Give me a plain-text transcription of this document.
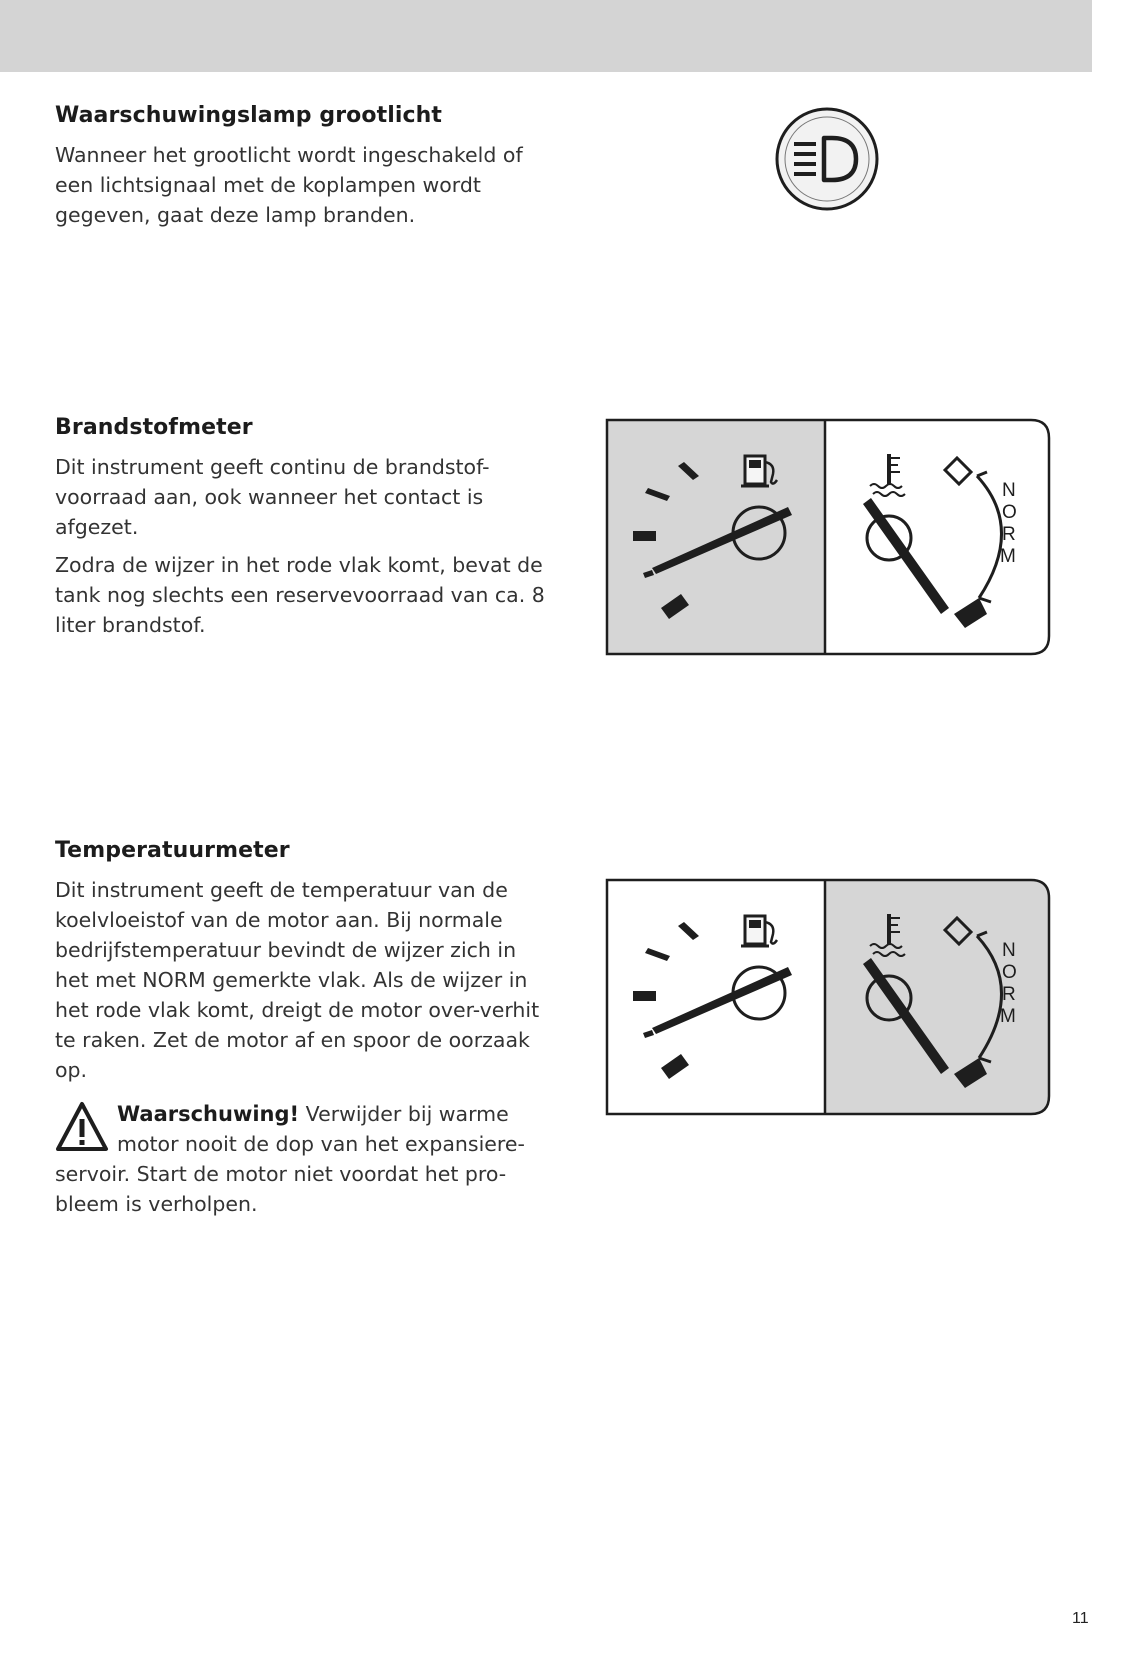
Waarschuwingslamp grootlicht

Wanneer het grootlicht wordt ingeschakeld of een lichtsignaal met de koplampen wordt gegeven, gaat deze lamp branden.

Brandstofmeter

Dit instrument geeft continu de brandstof-voorraad aan, ook wanneer het contact is afgezet.

Zodra de wijzer in het rode vlak komt, bevat de tank nog slechts een reservevoorraad van ca. 8 liter brandstof.

N
O
R
M
Temperatuurmeter

Dit instrument geeft de temperatuur van de koelvloeistof van de motor aan. Bij normale bedrijfstemperatuur bevindt de wijzer zich in het met NORM gemerkte vlak. Als de wijzer in het rode vlak komt, dreigt de motor over-verhit te raken. Zet de motor af en spoor de oorzaak op.

Waarschuwing! Verwijder bij warme motor nooit de dop van het expansiere-servoir. Start de motor niet voordat het pro-bleem is verholpen.

N
O
R
M
11
